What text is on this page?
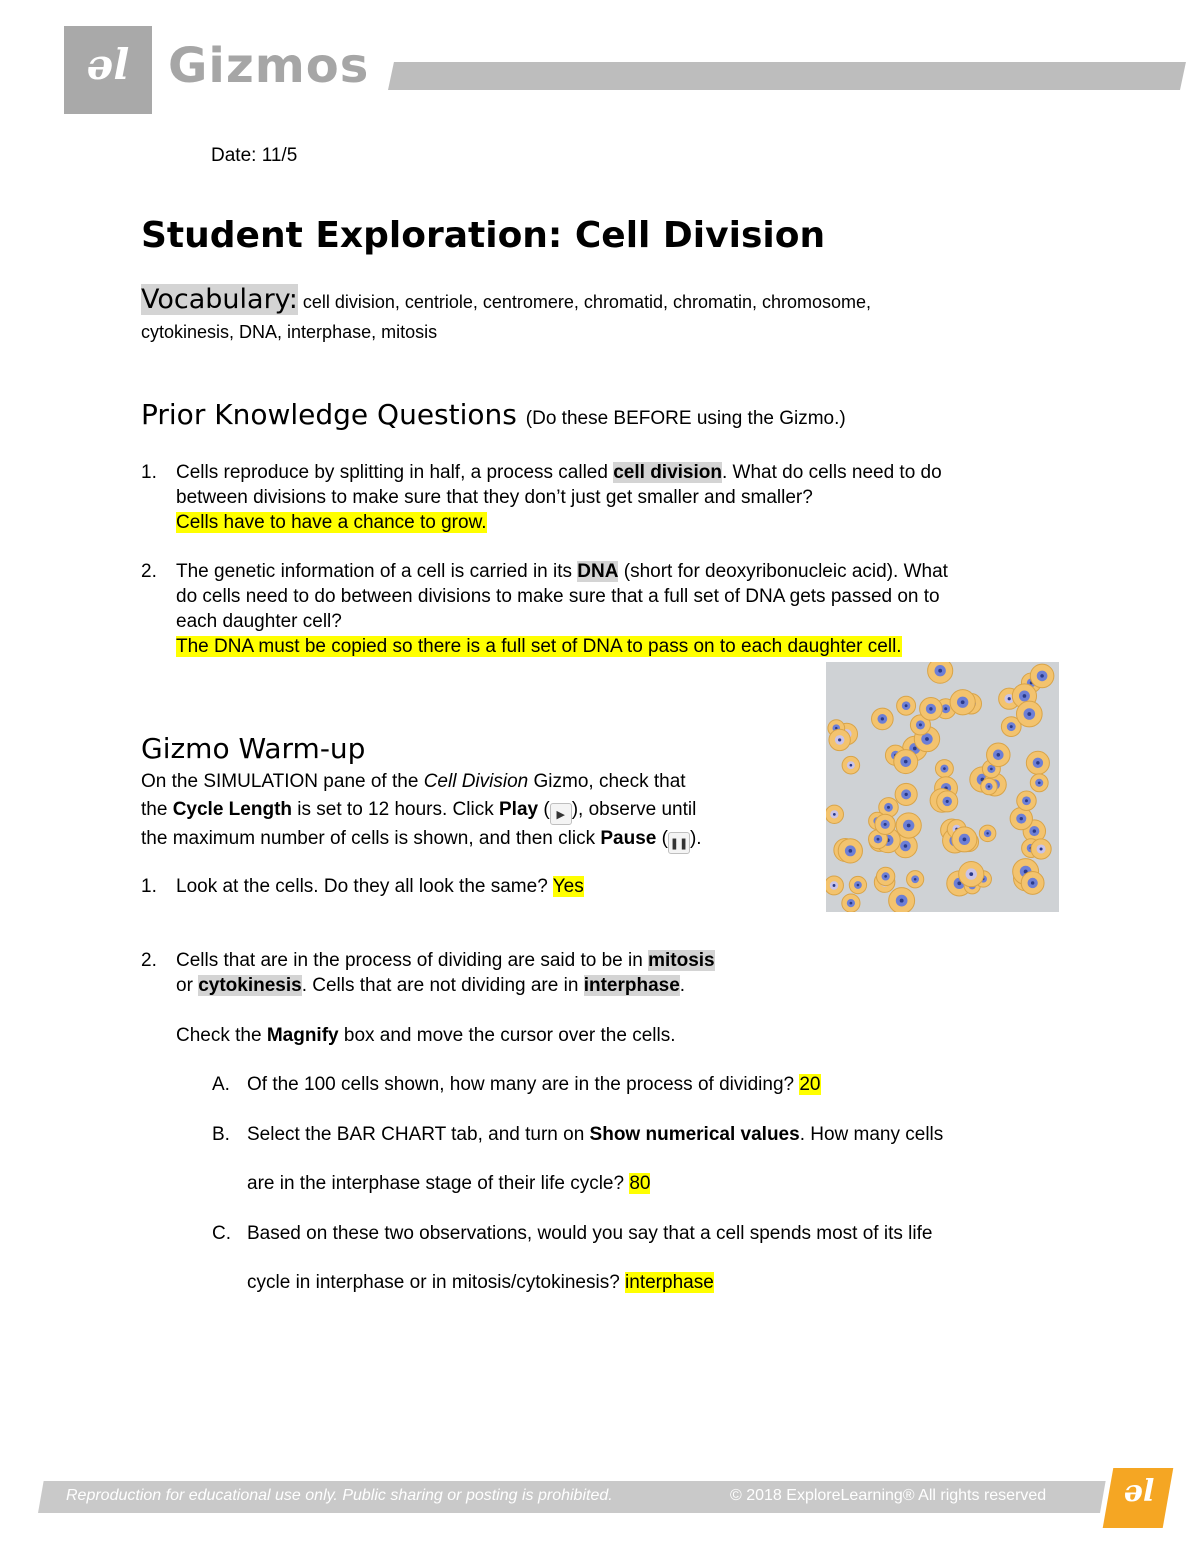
ǝl Gizmos
Date: 11/5
Student Exploration: Cell Division
Vocabulary: cell division, centriole, centromere, chromatid, chromatin, chromosome,
cytokinesis, DNA, interphase, mitosis
Prior Knowledge Questions (Do these BEFORE using the Gizmo.)
1. Cells reproduce by splitting in half, a process called cell division. What do cells need to do
between divisions to make sure that they don’t just get smaller and smaller?
Cells have to have a chance to grow.
2. The genetic information of a cell is carried in its DNA (short for deoxyribonucleic acid). What
do cells need to do between divisions to make sure that a full set of DNA gets passed on to
each daughter cell?
The DNA must be copied so there is a full set of DNA to pass on to each daughter cell.
Gizmo Warm-up
On the SIMULATION pane of the Cell Division Gizmo, check that
the Cycle Length is set to 12 hours. Click Play ( ▶ ), observe until
the maximum number of cells is shown, and then click Pause ( ❚❚).
1. Look at the cells. Do they all look the same? Yes
2. Cells that are in the process of dividing are said to be in mitosis
or cytokinesis. Cells that are not dividing are in interphase.
Check the Magnify box and move the cursor over the cells.
A. Of the 100 cells shown, how many are in the process of dividing? 20
B. Select the BAR CHART tab, and turn on Show numerical values. How many cells
are in the interphase stage of their life cycle? 80
C. Based on these two observations, would you say that a cell spends most of its life
cycle in interphase or in mitosis/cytokinesis? interphase
Reproduction for educational use only. Public sharing or posting is prohibited.	© 2018 ExploreLearning® All rights reserved	ǝl
